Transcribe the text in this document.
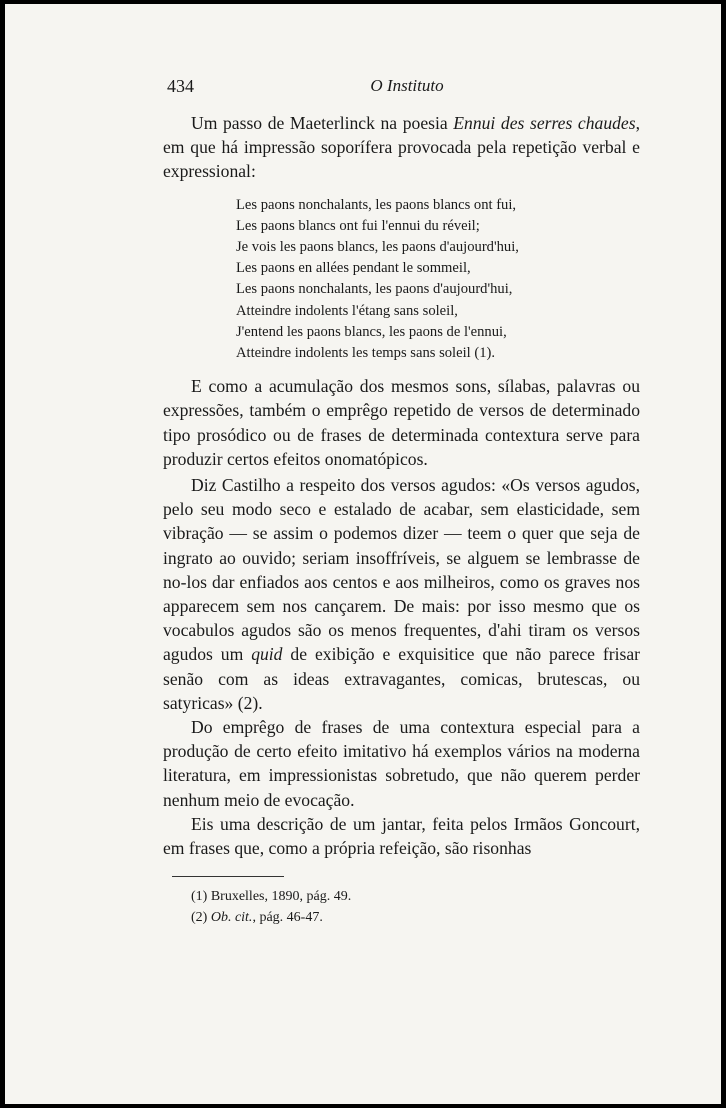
434	O Instituto

Um passo de Maeterlinck na poesia Ennui des serres chaudes, em que há impressão soporífera provocada pela repetição verbal e expressional:

Les paons nonchalants, les paons blancs ont fui,
Les paons blancs ont fui l'ennui du réveil;
Je vois les paons blancs, les paons d'aujourd'hui,
Les paons en allées pendant le sommeil,
Les paons nonchalants, les paons d'aujourd'hui,
Atteindre indolents l'étang sans soleil,
J'entend les paons blancs, les paons de l'ennui,
Atteindre indolents les temps sans soleil (1).

E como a acumulação dos mesmos sons, sílabas, palavras ou expressões, também o emprêgo repetido de versos de determinado tipo prosódico ou de frases de determinada contextura serve para produzir certos efeitos onomatópicos.

Diz Castilho a respeito dos versos agudos: «Os versos agudos, pelo seu modo seco e estalado de acabar, sem elasticidade, sem vibração — se assim o podemos dizer — teem o quer que seja de ingrato ao ouvido; seriam insoffríveis, se alguem se lembrasse de no-los dar enfiados aos centos e aos milheiros, como os graves nos apparecem sem nos cançarem. De mais: por isso mesmo que os vocabulos agudos são os menos frequentes, d'ahi tiram os versos agudos um quid de exibição e exquisitice que não parece frisar senão com as ideas extravagantes, comicas, brutescas, ou satyricas» (2).

Do emprêgo de frases de uma contextura especial para a produção de certo efeito imitativo há exemplos vários na moderna literatura, em impressionistas sobretudo, que não querem perder nenhum meio de evocação.

Eis uma descrição de um jantar, feita pelos Irmãos Goncourt, em frases que, como a própria refeição, são risonhas

(1) Bruxelles, 1890, pág. 49.
(2) Ob. cit., pág. 46-47.
